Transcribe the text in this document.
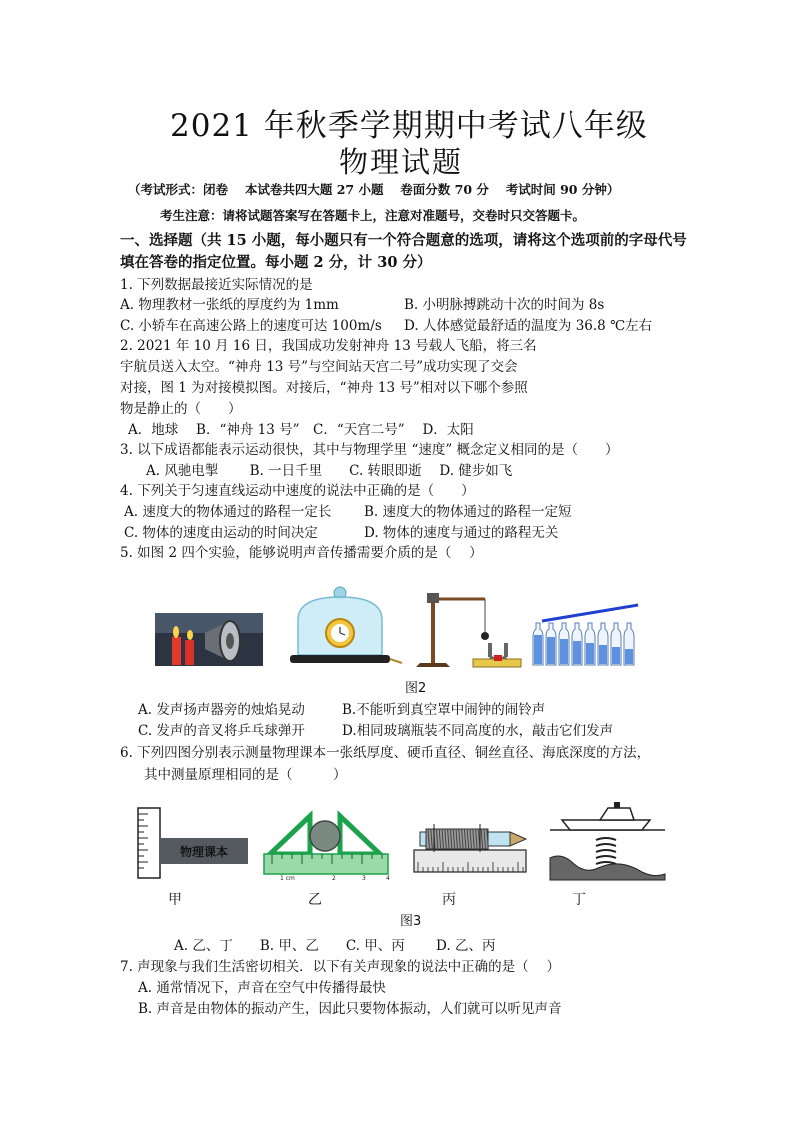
2021 年秋季学期期中考试八年级
物理试题
（考试形式：闭卷　 本试卷共四大题 27 小题　 卷面分数 70 分　 考试时间 90 分钟）
考生注意：请将试题答案写在答题卡上，注意对准题号，交卷时只交答题卡。
一、选择题（共 15 小题，每小题只有一个符合题意的选项，请将这个选项前的字母代号
填在答卷的指定位置。每小题 2 分，计 30 分）
1. 下列数据最接近实际情况的是
A. 物理教材一张纸的厚度约为 1mm	B. 小明脉搏跳动十次的时间为 8s
C. 小轿车在高速公路上的速度可达 100m/s D. 人体感觉最舒适的温度为 36.8 ℃左右
2. 2021 年 10 月 16 日，我国成功发射神舟 13 号载人飞船，将三名
宇航员送入太空。“神舟 13 号”与空间站天宫二号”成功实现了交会
对接，图 1 为对接模拟图。对接后，“神舟 13 号”相对以下哪个参照
物是静止的（　　）
A．地球　 B．“神舟 13 号”　C．“天宫二号”　 D．太阳
3. 以下成语都能表示运动很快，其中与物理学里 “速度” 概念定义相同的是（　　）
A. 风驰电掣　　 B. 一日千里　　C. 转眼即逝　 D. 健步如飞
4. 下列关于匀速直线运动中速度的说法中正确的是（　　）
A. 速度大的物体通过的路程一定长 B. 速度大的物体通过的路程一定短
C. 物体的速度由运动的时间决定	D. 物体的速度与通过的路程无关
5. 如图 2 四个实验，能够说明声音传播需要介质的是（　 ）
图2
A. 发声扬声器旁的烛焰晃动	B.不能听到真空罩中闹钟的闹铃声
C. 发声的音叉将乒乓球弹开	D.相同玻璃瓶装不同高度的水，敲击它们发声
6. 下列四图分别表示测量物理课本一张纸厚度、硬币直径、铜丝直径、海底深度的方法，
其中测量原理相同的是（　　　）
物理课本
1 cm	2	3	4
甲	乙	丙	丁
图3
A. 乙、丁　　B. 甲、乙　　C. 甲、丙　　 D. 乙、丙
7. 声现象与我们生活密切相关．以下有关声现象的说法中正确的是（　 ）
A. 通常情况下，声音在空气中传播得最快
B. 声音是由物体的振动产生，因此只要物体振动，人们就可以听见声音
